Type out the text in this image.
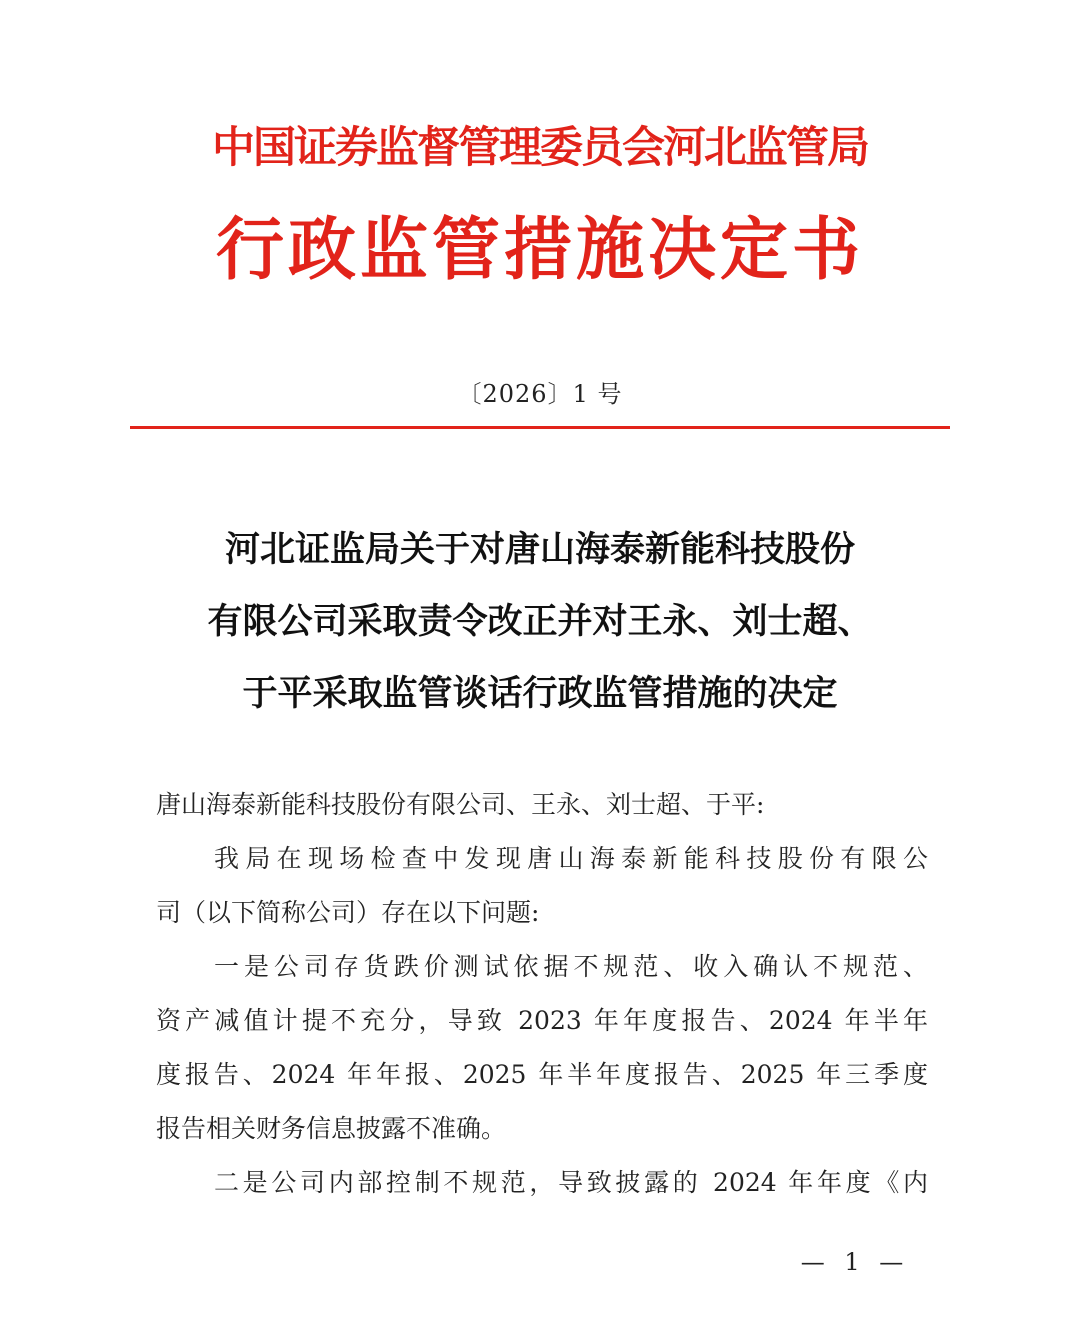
中国证券监督管理委员会河北监管局
行政监管措施决定书
〔2026〕1 号
河北证监局关于对唐山海泰新能科技股份
有限公司采取责令改正并对王永、刘士超、
于平采取监管谈话行政监管措施的决定
唐山海泰新能科技股份有限公司、王永、刘士超、于平:
我局在现场检查中发现唐山海泰新能科技股份有限公
司（以下简称公司）存在以下问题:
一是公司存货跌价测试依据不规范、收入确认不规范、
资产减值计提不充分，导致 2023 年年度报告、2024 年半年
度报告、2024 年年报、2025 年半年度报告、2025 年三季度
报告相关财务信息披露不准确。
二是公司内部控制不规范，导致披露的 2024 年年度《内
— 1 —
